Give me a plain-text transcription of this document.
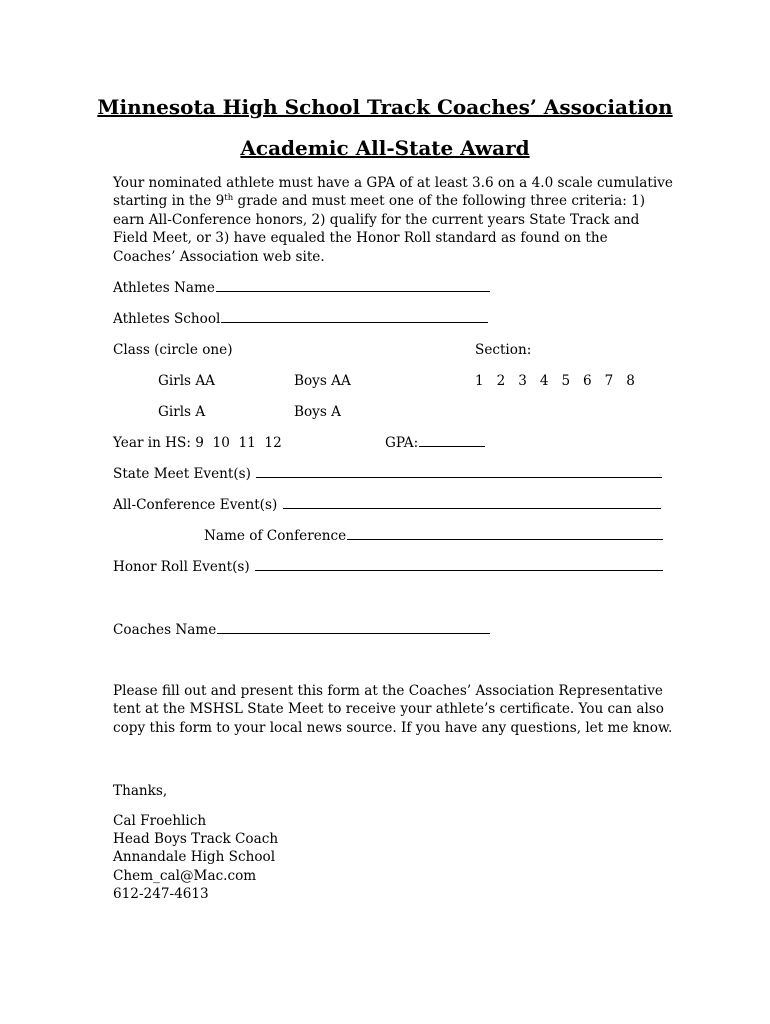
Minnesota High School Track Coaches’ Association
Academic All-State Award
Your nominated athlete must have a GPA of at least 3.6 on a 4.0 scale cumulative starting in the 9th grade and must meet one of the following three criteria: 1) earn All-Conference honors, 2) qualify for the current years State Track and Field Meet, or 3) have equaled the Honor Roll standard as found on the Coaches’ Association web site.
Athletes Name
Athletes School
Class (circle one)	Section:
Girls AA	Boys AA	1   2   3   4   5   6   7   8
Girls A	Boys A
Year in HS: 9  10  11  12	GPA:
State Meet Event(s)
All-Conference Event(s)
Name of Conference
Honor Roll Event(s)
Coaches Name
Please fill out and present this form at the Coaches’ Association Representative tent at the MSHSL State Meet to receive your athlete’s certificate. You can also copy this form to your local news source. If you have any questions, let me know.
Thanks,
Cal Froehlich
Head Boys Track Coach
Annandale High School
Chem_cal@Mac.com
612-247-4613
